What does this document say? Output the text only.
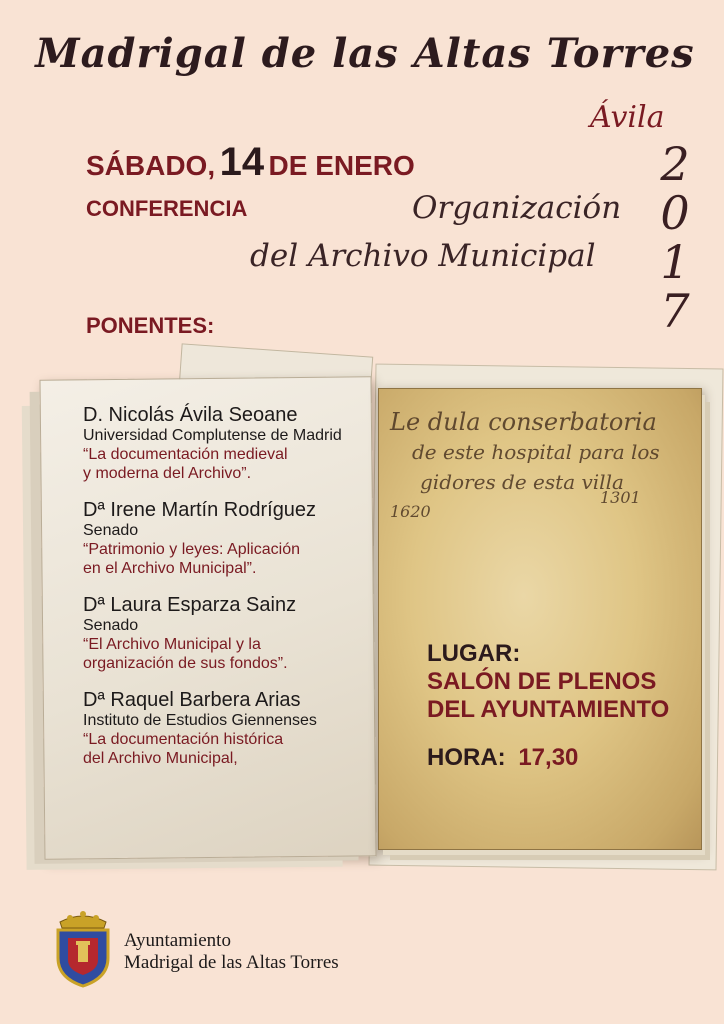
Madrigal de las Altas Torres
Ávila
2
0
1
7
SÁBADO, 14 DE ENERO
CONFERENCIA	Organización
del Archivo Municipal
PONENTES:
Le dula conserbatoria
de este hospital para los
gidores de esta villa
1620
1301
D. Nicolás Ávila Seoane
Universidad Complutense de Madrid
“La documentación medieval
y moderna del Archivo”.
Dª Irene Martín Rodríguez
Senado
“Patrimonio y leyes: Aplicación
en el Archivo Municipal”.
Dª Laura Esparza Sainz
Senado
“El Archivo Municipal y la
organización de sus fondos”.
Dª Raquel Barbera Arias
Instituto de Estudios Giennenses
“La documentación histórica
del Archivo Municipal,
LUGAR:
SALÓN DE PLENOS
DEL AYUNTAMIENTO
HORA: 17,30
Ayuntamiento
Madrigal de las Altas Torres
